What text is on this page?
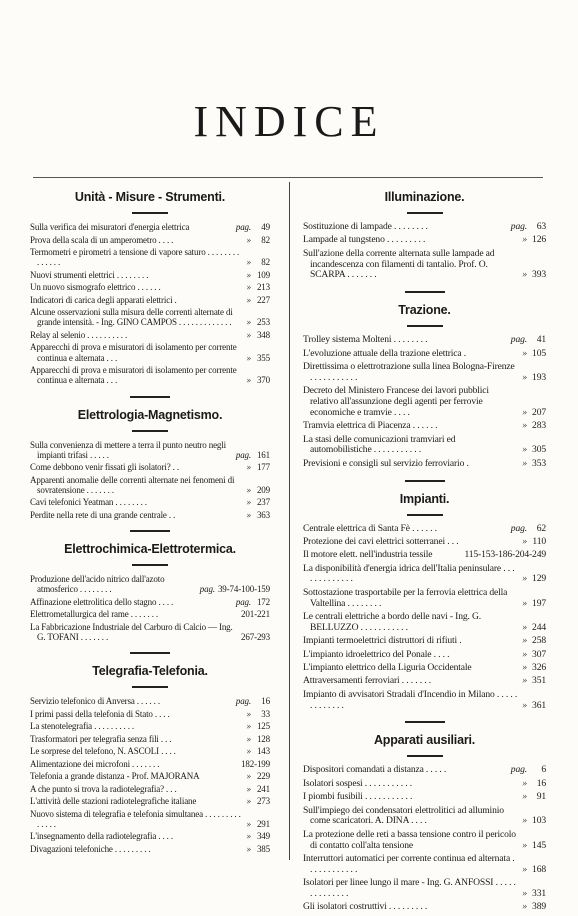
INDICE
Unità - Misure - Strumenti.
Sulla verifica dei misuratori d'energia elettrica	pag.	49
Prova della scala di un amperometro . . . .	»	82
Termometri e pirometri a tensione di vapore saturo . . . . . . . . . . . . . .	»	82
Nuovi strumenti elettrici . . . . . . . .	» 109
Un nuovo sismografo elettrico . . . . . .	» 213
Indicatori di carica degli apparati elettrici .	» 227
Alcune osservazioni sulla misura delle correnti alternate di grande intensità. - Ing. GINO CAMPOS . . . . . . . . . . . . .	» 253
Relay al selenio . . . . . . . . . .	» 348
Apparecchi di prova e misuratori di isolamento per corrente continua e alternata . . .	» 355
Apparecchi di prova e misuratori di isolamento per corrente continua e alternata . . .	» 370
Elettrologia-Magnetismo.
Sulla convenienza di mettere a terra il punto neutro negli impianti trifasi . . . . .	pag. 161
Come debbono venir fissati gli isolatori? . .	» 177
Apparenti anomalie delle correnti alternate nei fenomeni di sovratensione . . . . . . .	» 209
Cavi telefonici Yeatman . . . . . . . .	» 237
Perdite nella rete di una grande centrale . .	» 363
Elettrochimica-Elettrotermica.
Produzione dell'acido nitrico dall'azoto atmosferico . . . . . . . .	pag. 39-74-100-159
Affinazione elettrolitica dello stagno . . . .	pag. 172
Elettrometallurgica del rame . . . . . . .	201-221
La Fabbricazione Industriale del Carburo di Calcio — Ing. G. TOFANI . . . . . . .	267-293
Telegrafia-Telefonia.
Servizio telefonico di Anversa . . . . . .	pag.	16
I primi passi della telefonia di Stato . . . .	»	33
La stenotelegrafia . . . . . . . . . .	» 125
Trasformatori per telegrafia senza fili . . .	» 128
Le sorprese del telefono, N. ASCOLI . . . .	» 143
Alimentazione dei microfoni . . . . . . .	182-199
Telefonia a grande distanza - Prof. MAJORANA	» 229
A che punto si trova la radiotelegrafia? . . .	» 241
L'attività delle stazioni radiotelegrafiche italiane	» 273
Nuovo sistema di telegrafia e telefonia simultanea . . . . . . . . . . . . . .	» 291
L'insegnamento della radiotelegrafia . . . .	» 349
Divagazioni telefoniche . . . . . . . . .	» 385
Illuminazione.
Sostituzione di lampade . . . . . . . .	pag.	63
Lampade al tungsteno . . . . . . . . .	» 126
Sull'azione della corrente alternata sulle lampade ad incandescenza con filamenti di tantalio. Prof. O. SCARPA . . . . . . .	» 393
Trazione.
Trolley sistema Molteni . . . . . . . .	pag.	41
L'evoluzione attuale della trazione elettrica .	» 105
Direttissima o elettrotrazione sulla linea Bologna-Firenze . . . . . . . . . . .	» 193
Decreto del Ministero Francese dei lavori pubblici relativo all'assunzione degli agenti per ferrovie economiche e tramvie . . . .	» 207
Tramvia elettrica di Piacenza . . . . . .	» 283
La stasi delle comunicazioni tramviari ed automobilistiche . . . . . . . . . . .	» 305
Previsioni e consigli sul servizio ferroviario .	» 353
Impianti.
Centrale elettrica di Santa Fè . . . . . .	pag.	62
Protezione dei cavi elettrici sotterranei . . .	» 110
Il motore elett. nell'industria tessile	115-153-186-204-249
La disponibilità d'energia idrica dell'Italia peninsulare . . . . . . . . . . . . .	» 129
Sottostazione trasportabile per la ferrovia elettrica della Valtellina . . . . . . . .	» 197
Le centrali elettriche a bordo delle navi - Ing. G. BELLUZZO . . . . . . . . . . .	» 244
Impianti termoelettrici distruttori di rifiuti .	» 258
L'impianto idroelettrico del Ponale . . . .	» 307
L'impianto elettrico della Liguria Occidentale	» 326
Attraversamenti ferroviari . . . . . . .	» 351
Impianto di avvisatori Stradali d'Incendio in Milano . . . . . . . . . . . . .	» 361
Apparati ausiliari.
Dispositori comandati a distanza . . . . .	pag.	6
Isolatori sospesi . . . . . . . . . . .	»	16
I piombi fusibili . . . . . . . . . . .	»	91
Sull'impiego dei condensatori elettrolitici ad alluminio come scaricatori. A. DINA . . . .	» 103
La protezione delle reti a bassa tensione contro il pericolo di contatto coll'alta tensione	» 145
Interruttori automatici per corrente continua ed alternata . . . . . . . . . . . .	» 168
Isolatori per linee lungo il mare - Ing. G. ANFOSSI . . . . . . . . . . . . . .	» 331
Gli isolatori costruttivi . . . . . . . . .	» 389
